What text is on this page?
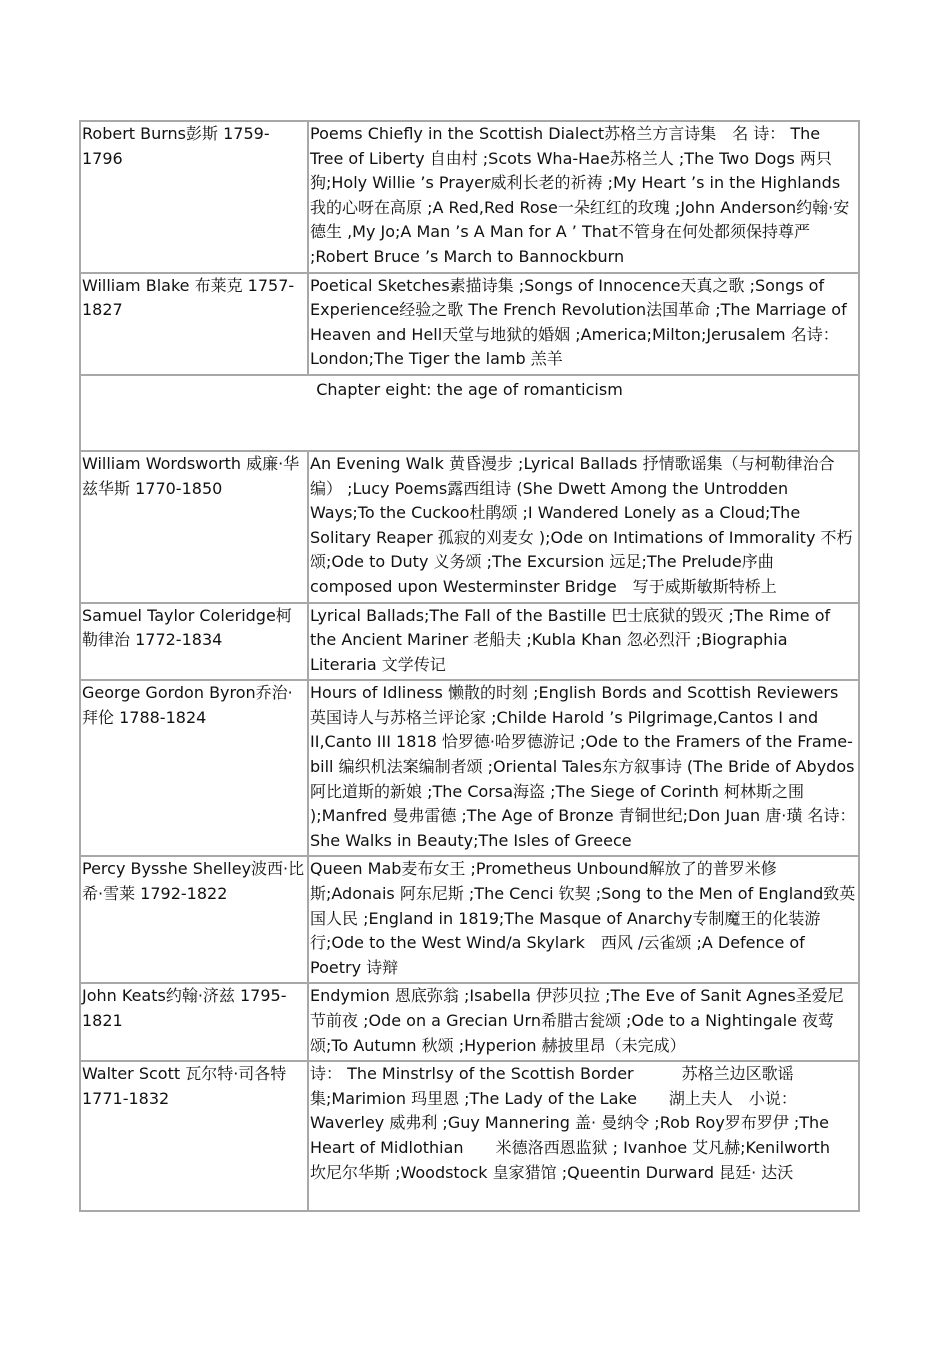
Robert Burns彭斯 1759-1796	Poems Chiefly in the Scottish Dialect苏格兰方言诗集　名 诗： The Tree of Liberty 自由村 ;Scots Wha-Hae苏格兰人 ;The Two Dogs 两只狗;Holy Willie ’s Prayer威利长老的祈祷 ;My Heart ’s in the Highlands 我的心呀在高原 ;A Red,Red Rose一朵红红的玫瑰 ;John Anderson约翰·安德生 ,My Jo;A Man ’s A Man for A ’ That不管身在何处都须保持尊严 ;Robert Bruce ’s March to Bannockburn
William Blake 布莱克 1757-1827	Poetical Sketches素描诗集 ;Songs of Innocence天真之歌 ;Songs of Experience经验之歌 The French Revolution法国革命 ;The Marriage of Heaven and Hell天堂与地狱的婚姻 ;America;Milton;Jerusalem 名诗： London;The Tiger the lamb 羔羊
Chapter eight: the age of romanticism	
William Wordsworth 威廉·华兹华斯 1770-1850	An Evening Walk 黄昏漫步 ;Lyrical Ballads 抒情歌谣集（与柯勒律治合编） ;Lucy Poems露西组诗 (She Dwett Among the Untrodden Ways;To the Cuckoo杜鹃颂 ;I Wandered Lonely as a Cloud;The Solitary Reaper 孤寂的刈麦女 );Ode on Intimations of Immorality 不朽颂;Ode to Duty 义务颂 ;The Excursion 远足;The Prelude序曲 composed upon Westerminster Bridge　写于威斯敏斯特桥上
Samuel Taylor Coleridge柯勒律治 1772-1834	Lyrical Ballads;The Fall of the Bastille 巴士底狱的毁灭 ;The Rime of the Ancient Mariner 老船夫 ;Kubla Khan 忽必烈汗 ;Biographia Literaria 文学传记
George Gordon Byron乔治·拜伦 1788-1824	Hours of Idliness 懒散的时刻 ;English Bords and Scottish Reviewers 英国诗人与苏格兰评论家 ;Childe Harold ’s Pilgrimage,Cantos I and II,Canto III 1818 恰罗德·哈罗德游记 ;Ode to the Framers of the Frame-bill 编织机法案编制者颂 ;Oriental Tales东方叙事诗 (The Bride of Abydos 阿比道斯的新娘 ;The Corsa海盗 ;The Siege of Corinth 柯林斯之围 );Manfred 曼弗雷德 ;The Age of Bronze 青铜世纪;Don Juan 唐·璜 名诗： She Walks in Beauty;The Isles of Greece
Percy Bysshe Shelley波西·比希·雪莱 1792-1822	Queen Mab麦布女王 ;Prometheus Unbound解放了的普罗米修斯;Adonais 阿东尼斯 ;The Cenci 钦契 ;Song to the Men of England致英国人民 ;England in 1819;The Masque of Anarchy专制魔王的化装游行;Ode to the West Wind/a Skylark　西风 /云雀颂 ;A Defence of Poetry 诗辩
John Keats约翰·济兹 1795-1821	Endymion 恩底弥翁 ;Isabella 伊莎贝拉 ;The Eve of Sanit Agnes圣爱尼节前夜 ;Ode on a Grecian Urn希腊古瓮颂 ;Ode to a Nightingale 夜莺颂;To Autumn 秋颂 ;Hyperion 赫披里昂（未完成）
Walter Scott 瓦尔特·司各特 1771-1832	诗： The Minstrlsy of the Scottish Border　　　苏格兰边区歌谣集;Marimion 玛里恩 ;The Lady of the Lake　　湖上夫人　小说：Waverley 威弗利 ;Guy Mannering 盖· 曼纳令 ;Rob Roy罗布罗伊 ;The Heart of Midlothian　　米德洛西恩监狱 ; Ivanhoe 艾凡赫;Kenilworth　坎尼尔华斯 ;Woodstock 皇家猎馆 ;Queentin Durward 昆廷· 达沃
